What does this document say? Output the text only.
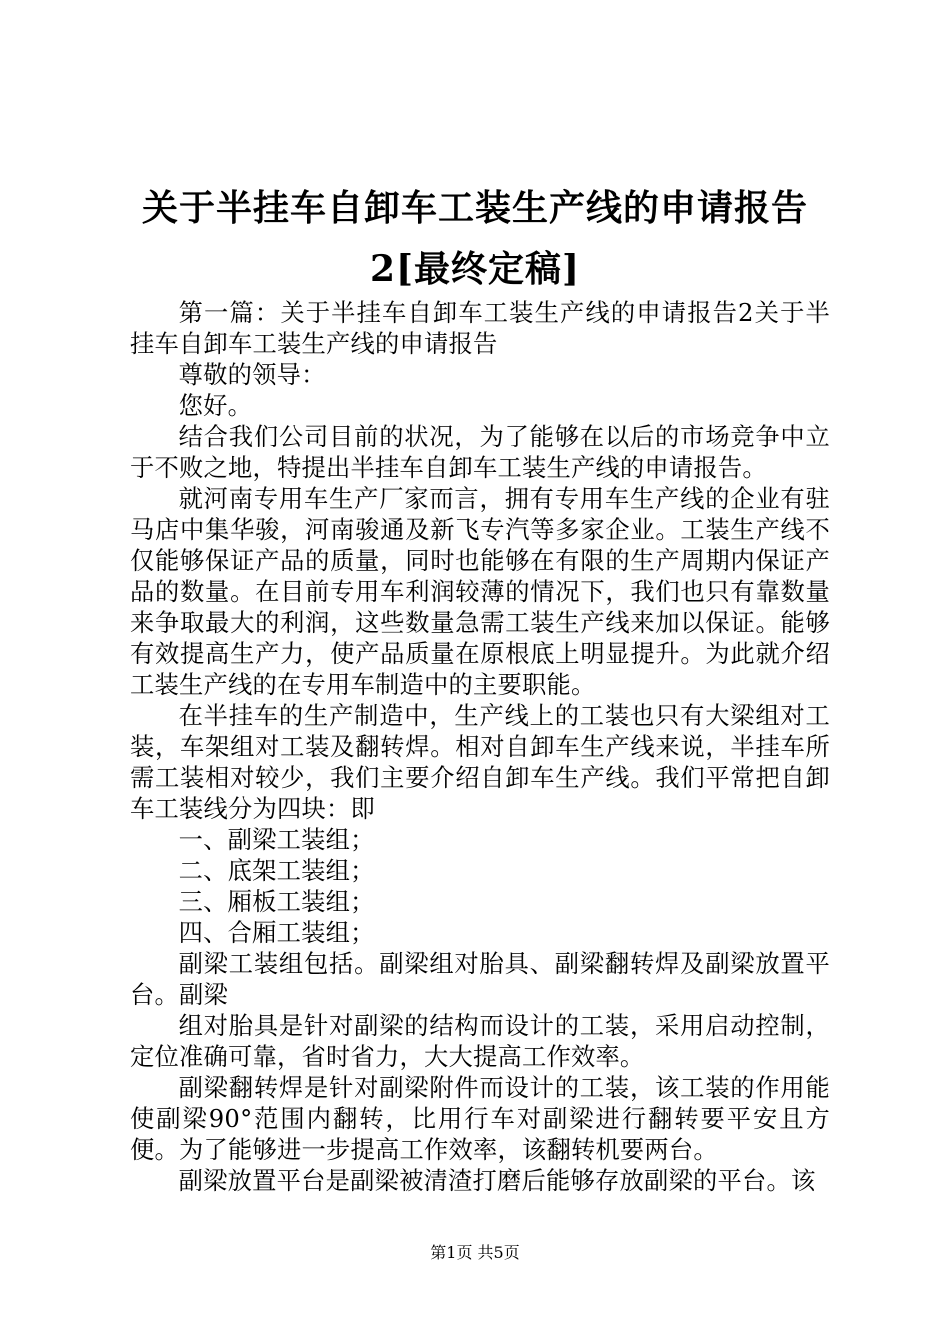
关于半挂车自卸车工装生产线的申请报告
2[最终定稿]

第一篇：关于半挂车自卸车工装生产线的申请报告2关于半挂车自卸车工装生产线的申请报告

尊敬的领导：

您好。

结合我们公司目前的状况，为了能够在以后的市场竞争中立于不败之地，特提出半挂车自卸车工装生产线的申请报告。

就河南专用车生产厂家而言，拥有专用车生产线的企业有驻马店中集华骏，河南骏通及新飞专汽等多家企业。工装生产线不仅能够保证产品的质量，同时也能够在有限的生产周期内保证产品的数量。在目前专用车利润较薄的情况下，我们也只有靠数量来争取最大的利润，这些数量急需工装生产线来加以保证。能够有效提高生产力，使产品质量在原根底上明显提升。为此就介绍工装生产线的在专用车制造中的主要职能。

在半挂车的生产制造中，生产线上的工装也只有大梁组对工装，车架组对工装及翻转焊。相对自卸车生产线来说，半挂车所需工装相对较少，我们主要介绍自卸车生产线。我们平常把自卸车工装线分为四块：即

一、副梁工装组；

二、底架工装组；

三、厢板工装组；

四、合厢工装组；

副梁工装组包括。副梁组对胎具、副梁翻转焊及副梁放置平台。副梁

组对胎具是针对副梁的结构而设计的工装，采用启动控制，定位准确可靠，省时省力，大大提高工作效率。

副梁翻转焊是针对副梁附件而设计的工装，该工装的作用能使副梁90°范围内翻转，比用行车对副梁进行翻转要平安且方便。为了能够进一步提高工作效率，该翻转机要两台。

副梁放置平台是副梁被清渣打磨后能够存放副梁的平台。该

第1页 共5页
